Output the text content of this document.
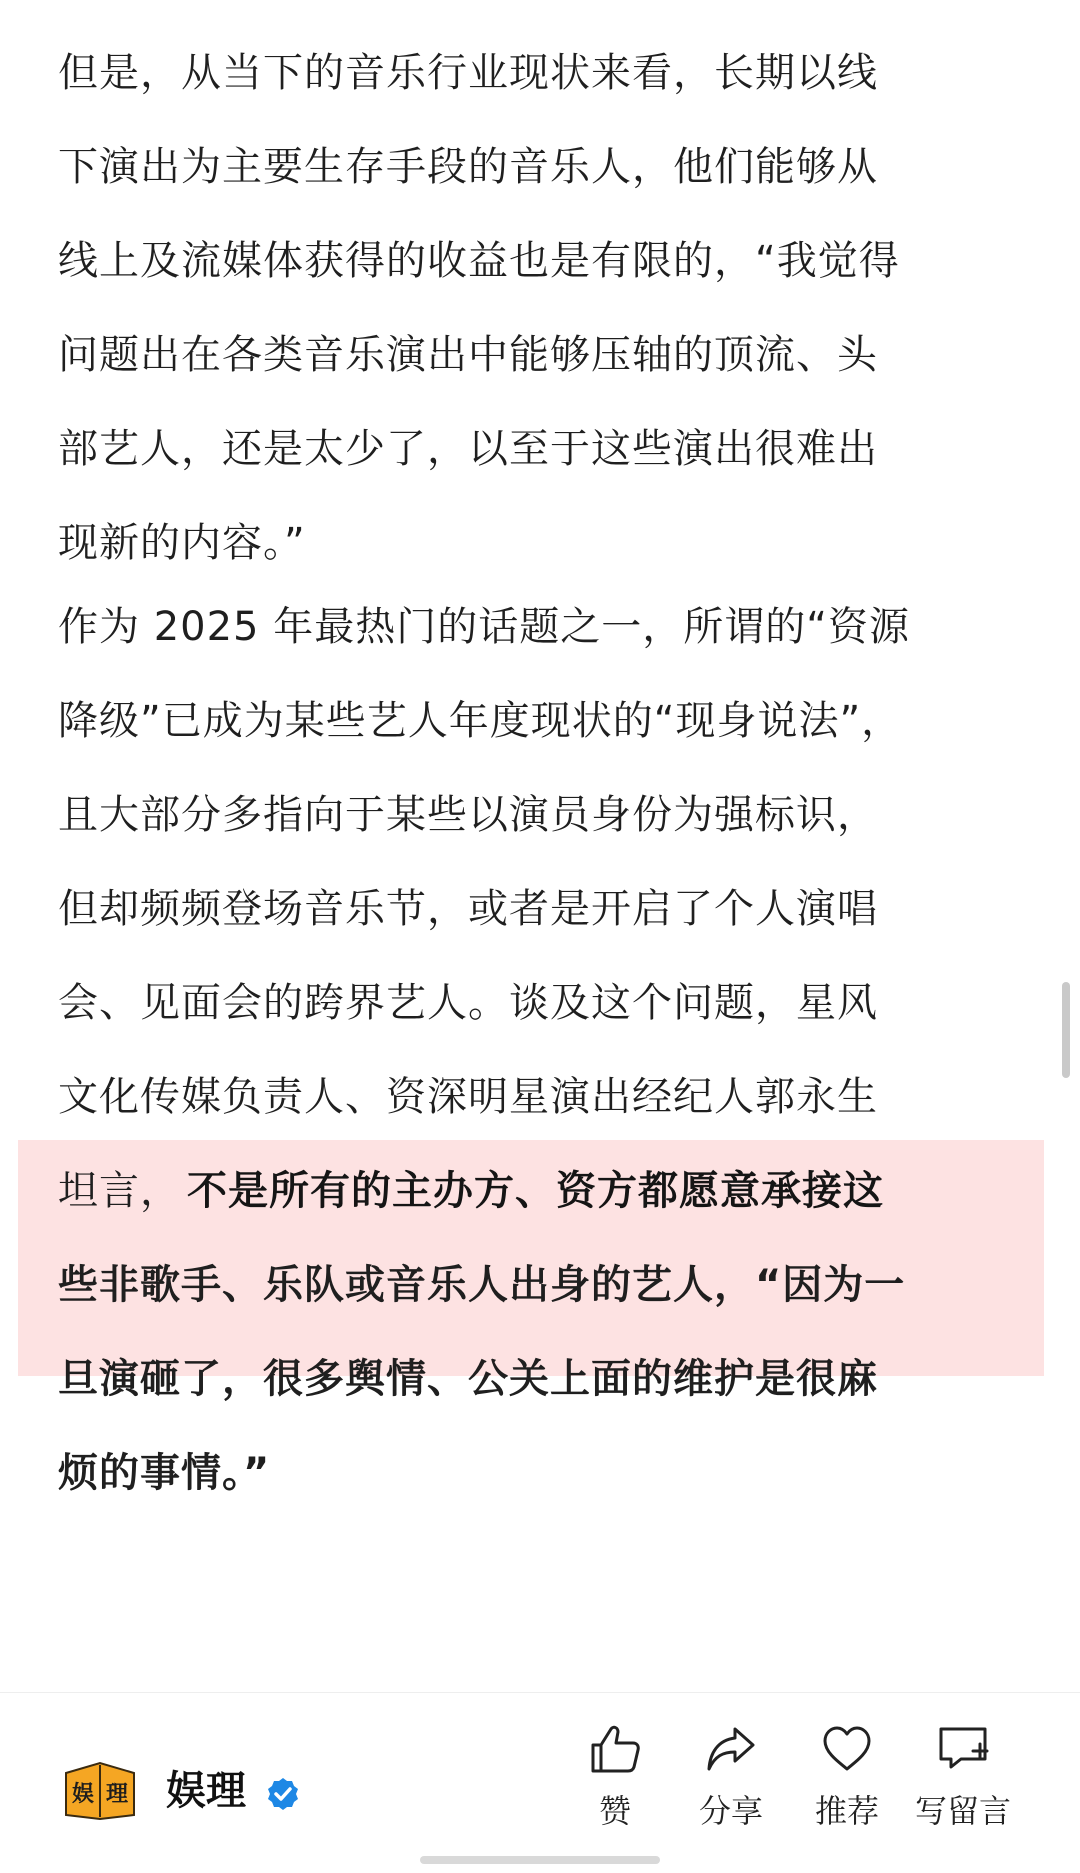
但是，从当下的音乐行业现状来看，长期以线
下演出为主要生存手段的音乐人，他们能够从
线上及流媒体获得的收益也是有限的，“我觉得
问题出在各类音乐演出中能够压轴的顶流、头
部艺人，还是太少了，以至于这些演出很难出
现新的内容。”
作为 2025 年最热门的话题之一，所谓的“资源
降级”已成为某些艺人年度现状的“现身说法”，
且大部分多指向于某些以演员身份为强标识，
但却频频登场音乐节，或者是开启了个人演唱
会、见面会的跨界艺人。谈及这个问题，星风
文化传媒负责人、资深明星演出经纪人郭永生
坦言， 不是所有的主办方、资方都愿意承接这
些非歌手、乐队或音乐人出身的艺人，“因为一
旦演砸了，很多舆情、公关上面的维护是很麻
烦的事情。”
娱 理 娱理	赞	分享	推荐	写留言
